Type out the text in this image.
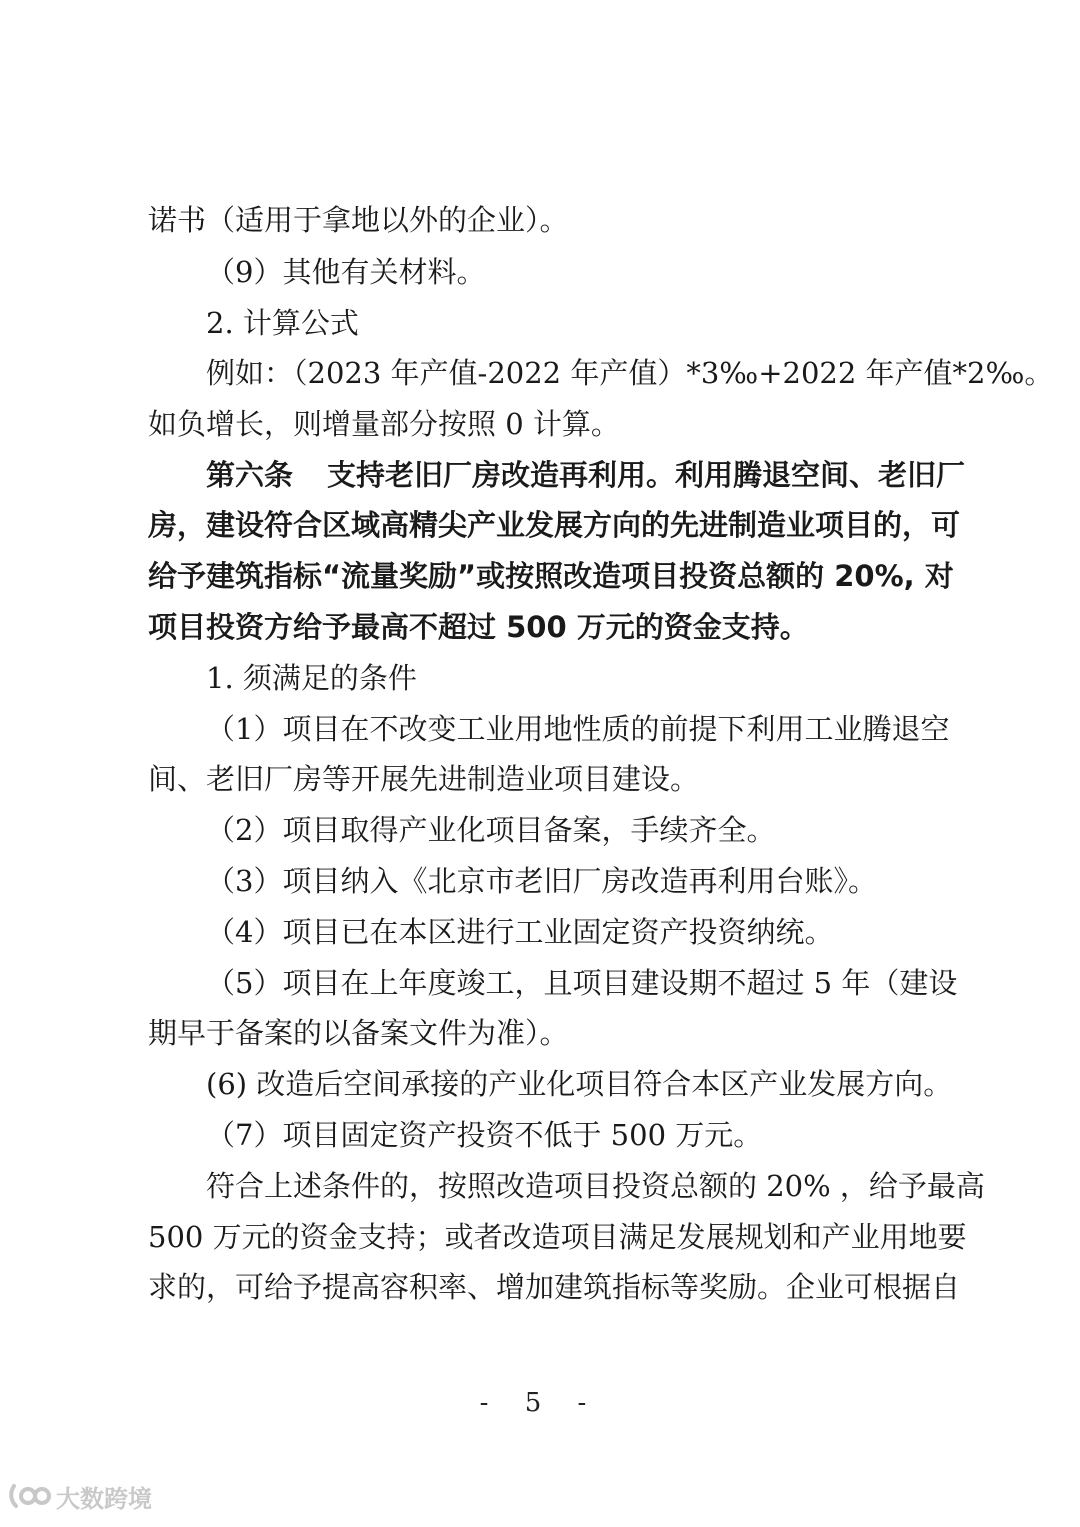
诺书（适用于拿地以外的企业）。
（9）其他有关材料。
2. 计算公式
例如：（2023 年产值-2022 年产值）*3‰+2022 年产值*2‰。
如负增长，则增量部分按照 0 计算。
第六条 支持老旧厂房改造再利用。利用腾退空间、老旧厂
房，建设符合区域高精尖产业发展方向的先进制造业项目的，可
给予建筑指标“流量奖励”或按照改造项目投资总额的 20%, 对
项目投资方给予最高不超过 500 万元的资金支持。
1. 须满足的条件
（1）项目在不改变工业用地性质的前提下利用工业腾退空
间、老旧厂房等开展先进制造业项目建设。
（2）项目取得产业化项目备案，手续齐全。
（3）项目纳入《北京市老旧厂房改造再利用台账》。
（4）项目已在本区进行工业固定资产投资纳统。
（5）项目在上年度竣工，且项目建设期不超过 5 年（建设
期早于备案的以备案文件为准）。
(6) 改造后空间承接的产业化项目符合本区产业发展方向。
（7）项目固定资产投资不低于 500 万元。
符合上述条件的，按照改造项目投资总额的 20% ，给予最高
500 万元的资金支持；或者改造项目满足发展规划和产业用地要
求的，可给予提高容积率、增加建筑指标等奖励。企业可根据自
- 5 -
大数跨境
